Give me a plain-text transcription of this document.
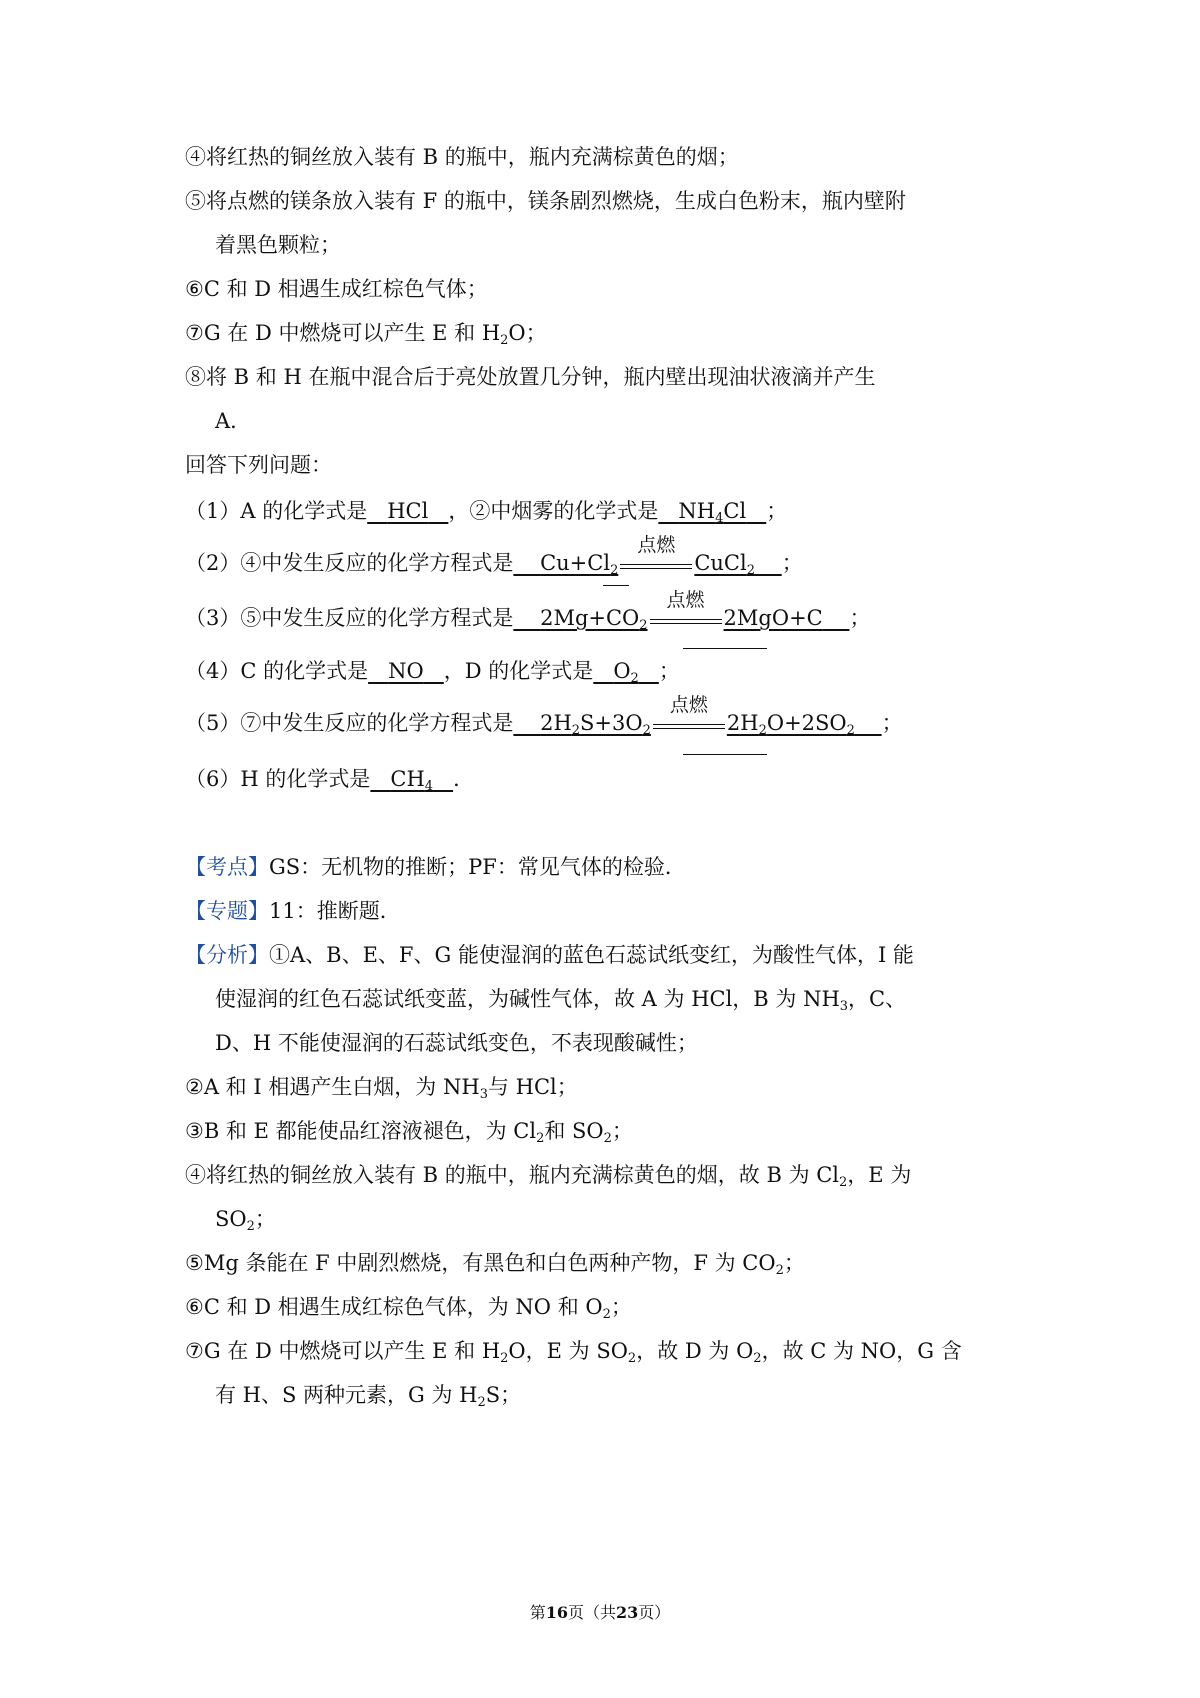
④将红热的铜丝放入装有 B 的瓶中，瓶内充满棕黄色的烟；
⑤将点燃的镁条放入装有 F 的瓶中，镁条剧烈燃烧，生成白色粉末，瓶内壁附
着黑色颗粒；
⑥C 和 D 相遇生成红棕色气体；
⑦G 在 D 中燃烧可以产生 E 和 $H_2O$；
⑧将 B 和 H 在瓶中混合后于亮处放置几分钟，瓶内壁出现油状液滴并产生
A．
回答下列问题：
（1）A 的化学式是 HCl ，②中烟雾的化学式是 $NH_4Cl$ ；
（2）④中发生反应的化学方程式是 $Cu+Cl_2$
点燃
CuCl$_2$ ；
（3）⑤中发生反应的化学方程式是 $2Mg+CO_2$
点燃
2MgO+C ；
（4）C 的化学式是 NO ，D 的化学式是 $O_2$ ；
（5）⑦中发生反应的化学方程式是 $2H_2S+3O_2$
点燃
$2H_2O+2SO_2$ ；
（6）H 的化学式是 $CH_4$ ．
【考点】GS：无机物的推断；PF：常见气体的检验．
【专题】11：推断题．
【分析】①A、B、E、F、G 能使湿润的蓝色石蕊试纸变红，为酸性气体，I 能
使湿润的红色石蕊试纸变蓝，为碱性气体，故 A 为 HCl，B 为 $NH_3$，C、
D、H 不能使湿润的石蕊试纸变色，不表现酸碱性；
②A 和 I 相遇产生白烟，为 $NH_3$与 HCl；
③B 和 E 都能使品红溶液褪色，为 $Cl_2$和 $SO_2$；
④将红热的铜丝放入装有 B 的瓶中，瓶内充满棕黄色的烟，故 B 为 $Cl_2$，E 为
$SO_2$；
⑤Mg 条能在 F 中剧烈燃烧，有黑色和白色两种产物，F 为 $CO_2$；
⑥C 和 D 相遇生成红棕色气体，为 NO 和 $O_2$；
⑦G 在 D 中燃烧可以产生 E 和 $H_2O$，E 为 $SO_2$，故 D 为 $O_2$，故 C 为 NO，G 含
有 H、S 两种元素，G 为 $H_2S$；
第16页（共23页）
